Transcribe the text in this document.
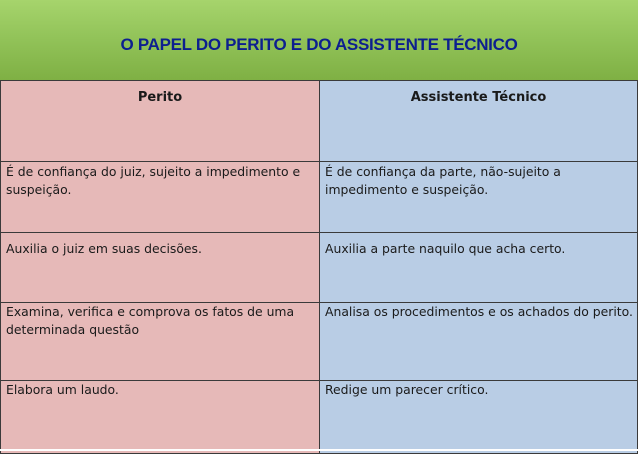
O PAPEL DO PERITO E DO ASSISTENTE TÉCNICO
Perito	Assistente Técnico

É de confiança do juiz, sujeito a impedimento e suspeição.	É de confiança da parte, não-sujeito a impedimento e suspeição.

Auxilia o juiz em suas decisões.	Auxilia a parte naquilo que acha certo.

Examina, verifica e comprova os fatos de uma determinada questão	Analisa os procedimentos e os achados do perito.

Elabora um laudo.	Redige um parecer crítico.
